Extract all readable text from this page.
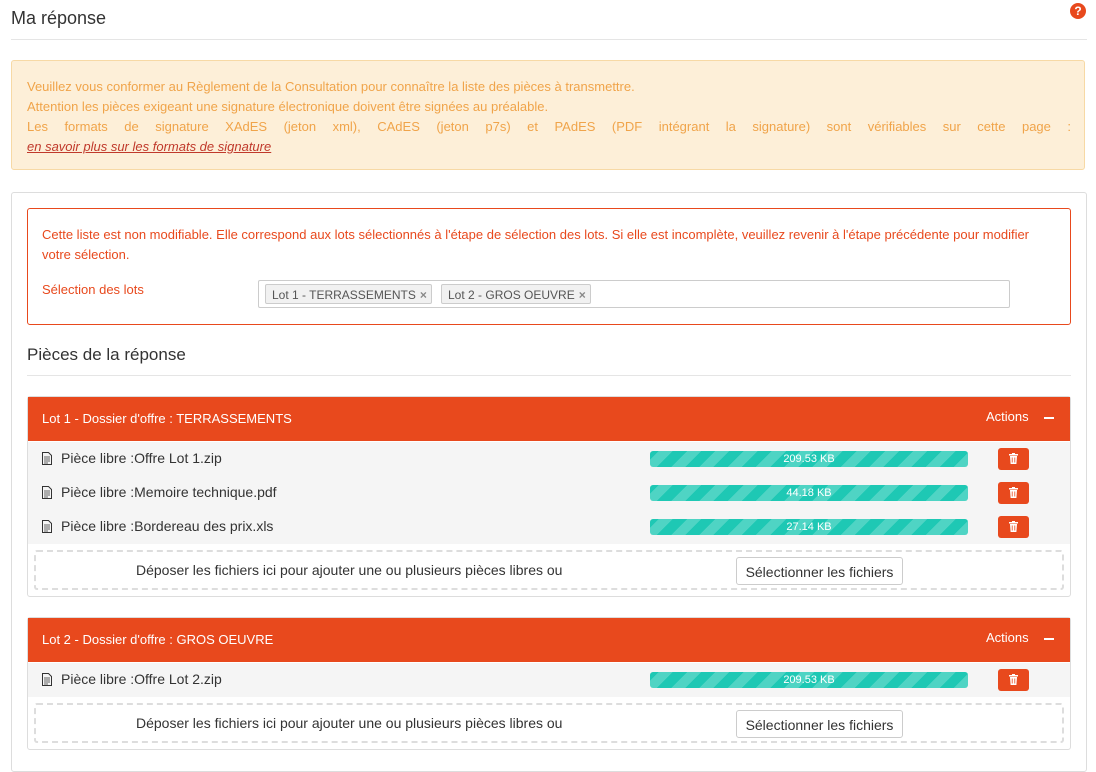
Ma réponse	?
Veuillez vous conformer au Règlement de la Consultation pour connaître la liste des pièces à transmettre.
Attention les pièces exigeant une signature électronique doivent être signées au préalable.
Les formats de signature XAdES (jeton xml), CAdES (jeton p7s) et PAdES (PDF intégrant la signature) sont vérifiables sur cette page :
en savoir plus sur les formats de signature
Cette liste est non modifiable. Elle correspond aux lots sélectionnés à l'étape de sélection des lots. Si elle est incomplète, veuillez revenir à l'étape précédente pour modifier votre sélection.
Sélection des lots	Lot 1 - TERRASSEMENTS ×	Lot 2 - GROS OEUVRE ×
Pièces de la réponse
Lot 1 - Dossier d'offre : TERRASSEMENTS	Actions
Pièce libre :Offre Lot 1.zip	209.53 KB
Pièce libre :Memoire technique.pdf	44.18 KB
Pièce libre :Bordereau des prix.xls	27.14 KB
Déposer les fichiers ici pour ajouter une ou plusieurs pièces libres ou	Sélectionner les fichiers
Lot 2 - Dossier d'offre : GROS OEUVRE	Actions
Pièce libre :Offre Lot 2.zip	209.53 KB
Déposer les fichiers ici pour ajouter une ou plusieurs pièces libres ou	Sélectionner les fichiers
